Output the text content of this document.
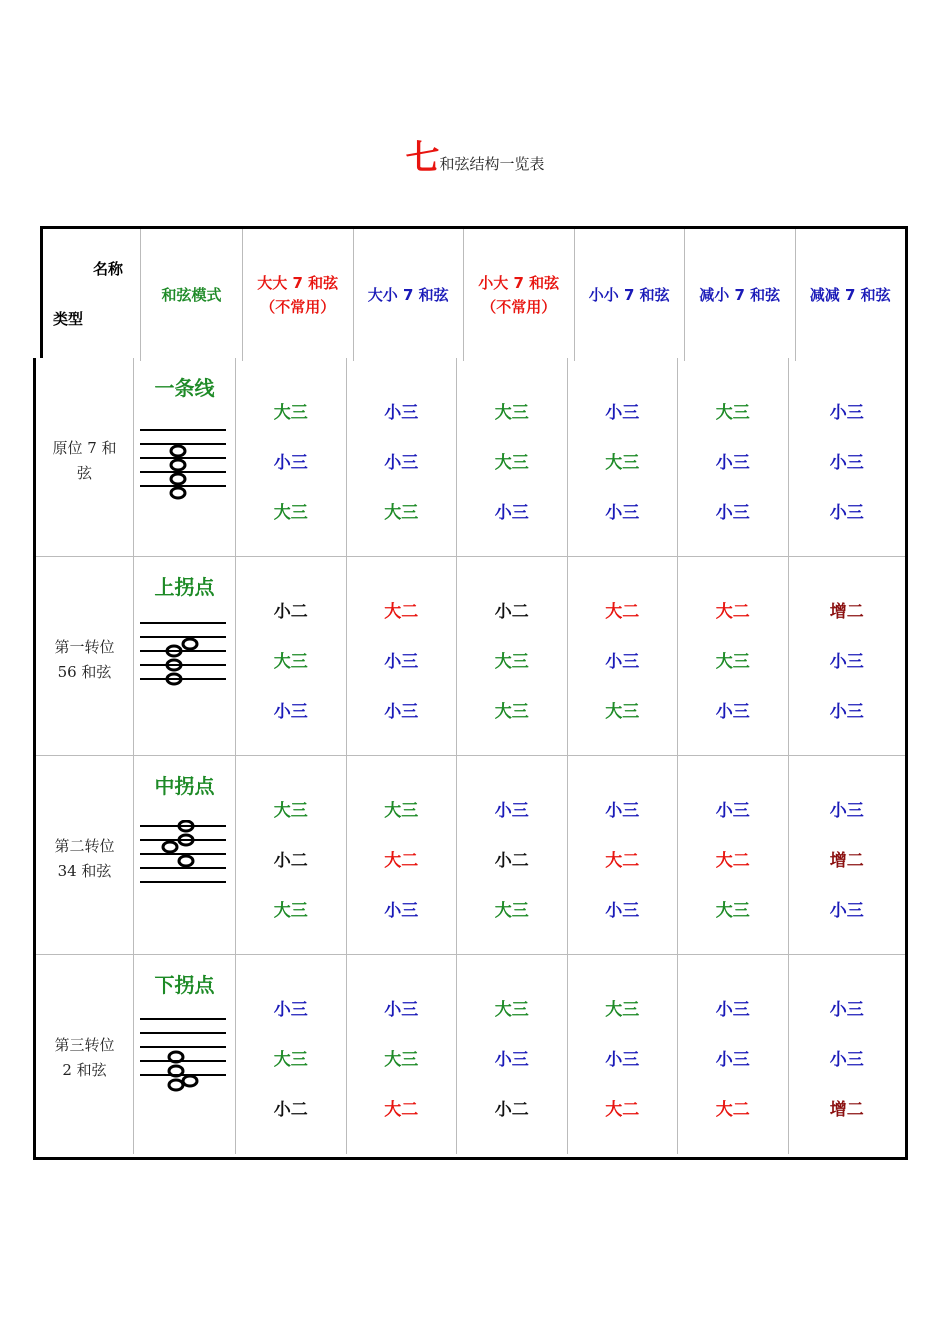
七和弦结构一览表
名称
类型
和弦模式
大大 7 和弦
（不常用）
大小 7 和弦
小大 7 和弦
（不常用）
小小 7 和弦 减小 7 和弦 减减 7 和弦
原位 7 和
弦
一条线
大三
小三
大三
小三
小三
大三
大三
大三
小三
小三
大三
小三
大三
小三
小三
小三
小三
小三
第一转位
56 和弦
上拐点
小二
大三
小三
大二
小三
小三
小二
大三
大三
大二
小三
大三
大二
大三
小三
增二
小三
小三
第二转位
34 和弦
中拐点
大三
小二
大三
大三
大二
小三
小三
小二
大三
小三
大二
小三
小三
大二
大三
小三
增二
小三
第三转位
2 和弦
下拐点
小三
大三
小二
小三
大三
大二
大三
小三
小二
大三
小三
大二
小三
小三
大二
小三
小三
增二
